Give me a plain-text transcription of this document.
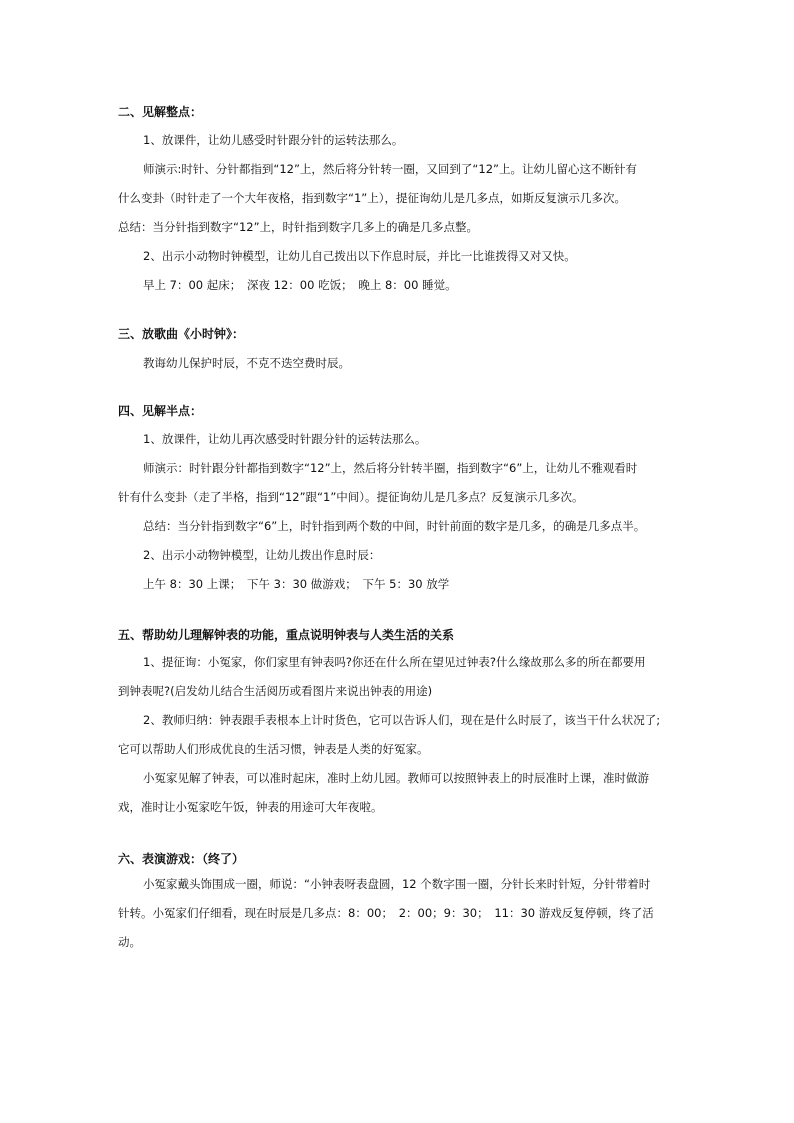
二、见解整点：
1、放课件，让幼儿感受时针跟分针的运转法那么。
师演示:时针、分针都指到“12”上，然后将分针转一圈，又回到了“12”上。让幼儿留心这不断针有
什么变卦（时针走了一个大年夜格，指到数字“1”上），提征询幼儿是几多点，如斯反复演示几多次。
总结：当分针指到数字“12”上，时针指到数字几多上的确是几多点整。
2、出示小动物时钟模型，让幼儿自己拨出以下作息时辰，并比一比谁拨得又对又快。
早上 7：00 起床；　深夜 12：00 吃饭；　晚上 8：00 睡觉。
三、放歌曲《小时钟》：
教诲幼儿保护时辰，不克不迭空费时辰。
四、见解半点：
1、放课件，让幼儿再次感受时针跟分针的运转法那么。
师演示：时针跟分针都指到数字“12”上，然后将分针转半圈，指到数字“6”上，让幼儿不雅观看时
针有什么变卦（走了半格，指到“12”跟“1”中间）。提征询幼儿是几多点？反复演示几多次。
总结：当分针指到数字“6”上，时针指到两个数的中间，时针前面的数字是几多，的确是几多点半。
2、出示小动物钟模型，让幼儿拨出作息时辰：
上午 8：30 上课；　下午 3：30 做游戏；　下午 5：30 放学
五、帮助幼儿理解钟表的功能，重点说明钟表与人类生活的关系
1、提征询：小冤家，你们家里有钟表吗?你还在什么所在望见过钟表?什么缘故那么多的所在都要用
到钟表呢?(启发幼儿结合生活阅历或看图片来说出钟表的用途)
2、教师归纳：钟表跟手表根本上计时货色，它可以告诉人们，现在是什么时辰了，该当干什么状况了;
它可以帮助人们形成优良的生活习惯，钟表是人类的好冤家。
小冤家见解了钟表，可以准时起床，准时上幼儿园。教师可以按照钟表上的时辰准时上课，准时做游
戏，准时让小冤家吃午饭，钟表的用途可大年夜啦。
六、表演游戏：（终了）
小冤家戴头饰围成一圈，师说：“小钟表呀表盘圆，12 个数字围一圈，分针长来时针短，分针带着时
针转。小冤家们仔细看，现在时辰是几多点：8：00；　2：00；9：30；　11：30 游戏反复停顿，终了活
动。
